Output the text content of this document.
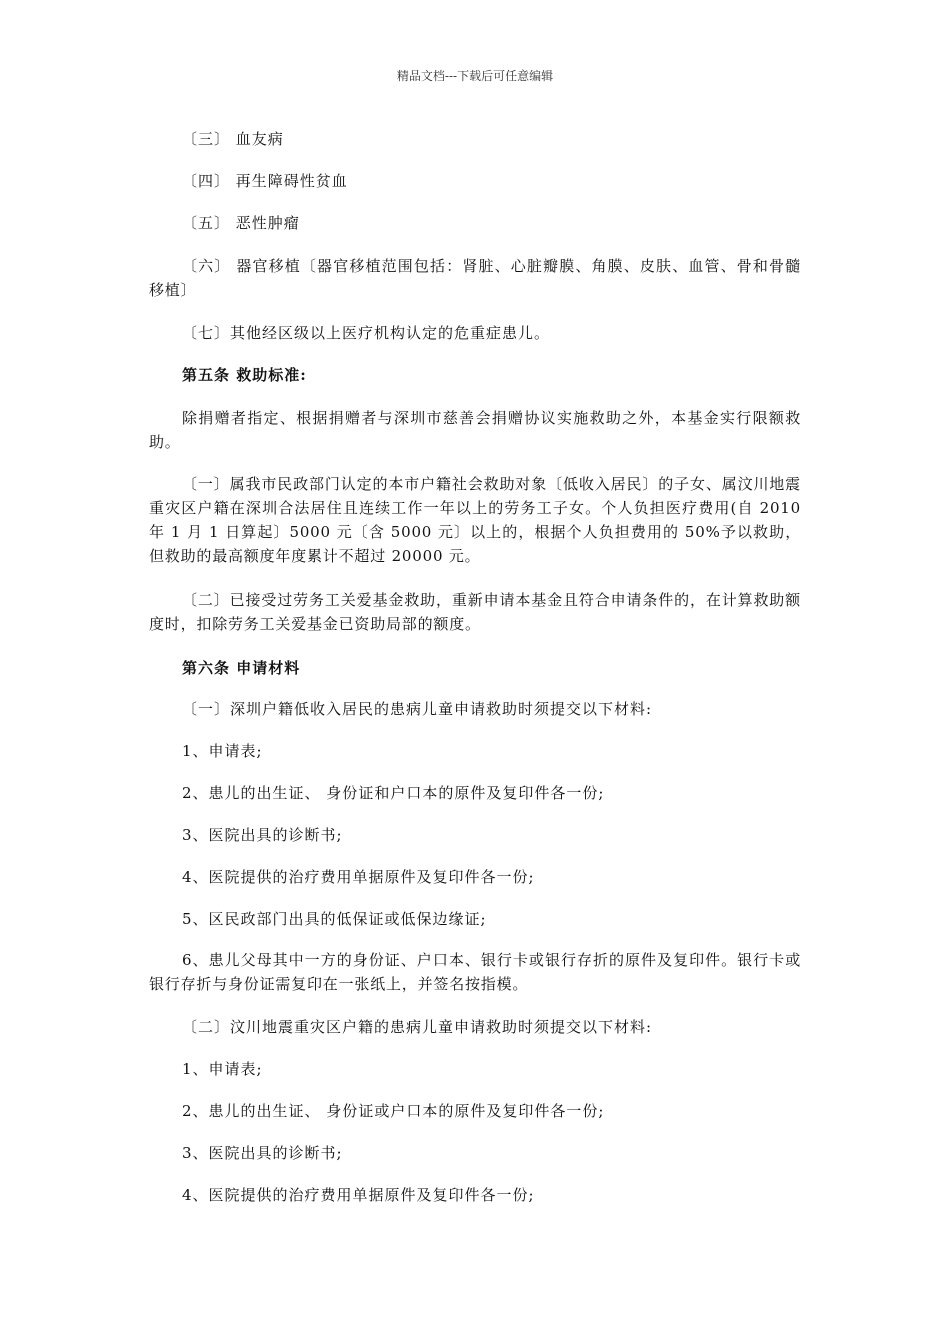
精品文档---下载后可任意编辑
〔三〕 血友病
〔四〕 再生障碍性贫血
〔五〕 恶性肿瘤
〔六〕 器官移植〔器官移植范围包括：肾脏、心脏瓣膜、角膜、皮肤、血管、骨和骨髓移植〕
〔七〕其他经区级以上医疗机构认定的危重症患儿。
第五条 救助标准:
除捐赠者指定、根据捐赠者与深圳市慈善会捐赠协议实施救助之外，本基金实行限额救助。
〔一〕属我市民政部门认定的本市户籍社会救助对象〔低收入居民〕的子女、属汶川地震重灾区户籍在深圳合法居住且连续工作一年以上的劳务工子女。个人负担医疗费用(自 2010 年 1 月 1 日算起〕5000 元〔含 5000 元〕以上的，根据个人负担费用的 50%予以救助，但救助的最高额度年度累计不超过 20000 元。
〔二〕已接受过劳务工关爱基金救助，重新申请本基金且符合申请条件的，在计算救助额度时，扣除劳务工关爱基金已资助局部的额度。
第六条 申请材料
〔一〕深圳户籍低收入居民的患病儿童申请救助时须提交以下材料:
1、申请表;
2、患儿的出生证、 身份证和户口本的原件及复印件各一份;
3、医院出具的诊断书;
4、医院提供的治疗费用单据原件及复印件各一份;
5、区民政部门出具的低保证或低保边缘证;
6、患儿父母其中一方的身份证、户口本、银行卡或银行存折的原件及复印件。银行卡或银行存折与身份证需复印在一张纸上，并签名按指模。
〔二〕汶川地震重灾区户籍的患病儿童申请救助时须提交以下材料:
1、申请表;
2、患儿的出生证、 身份证或户口本的原件及复印件各一份;
3、医院出具的诊断书;
4、医院提供的治疗费用单据原件及复印件各一份;
